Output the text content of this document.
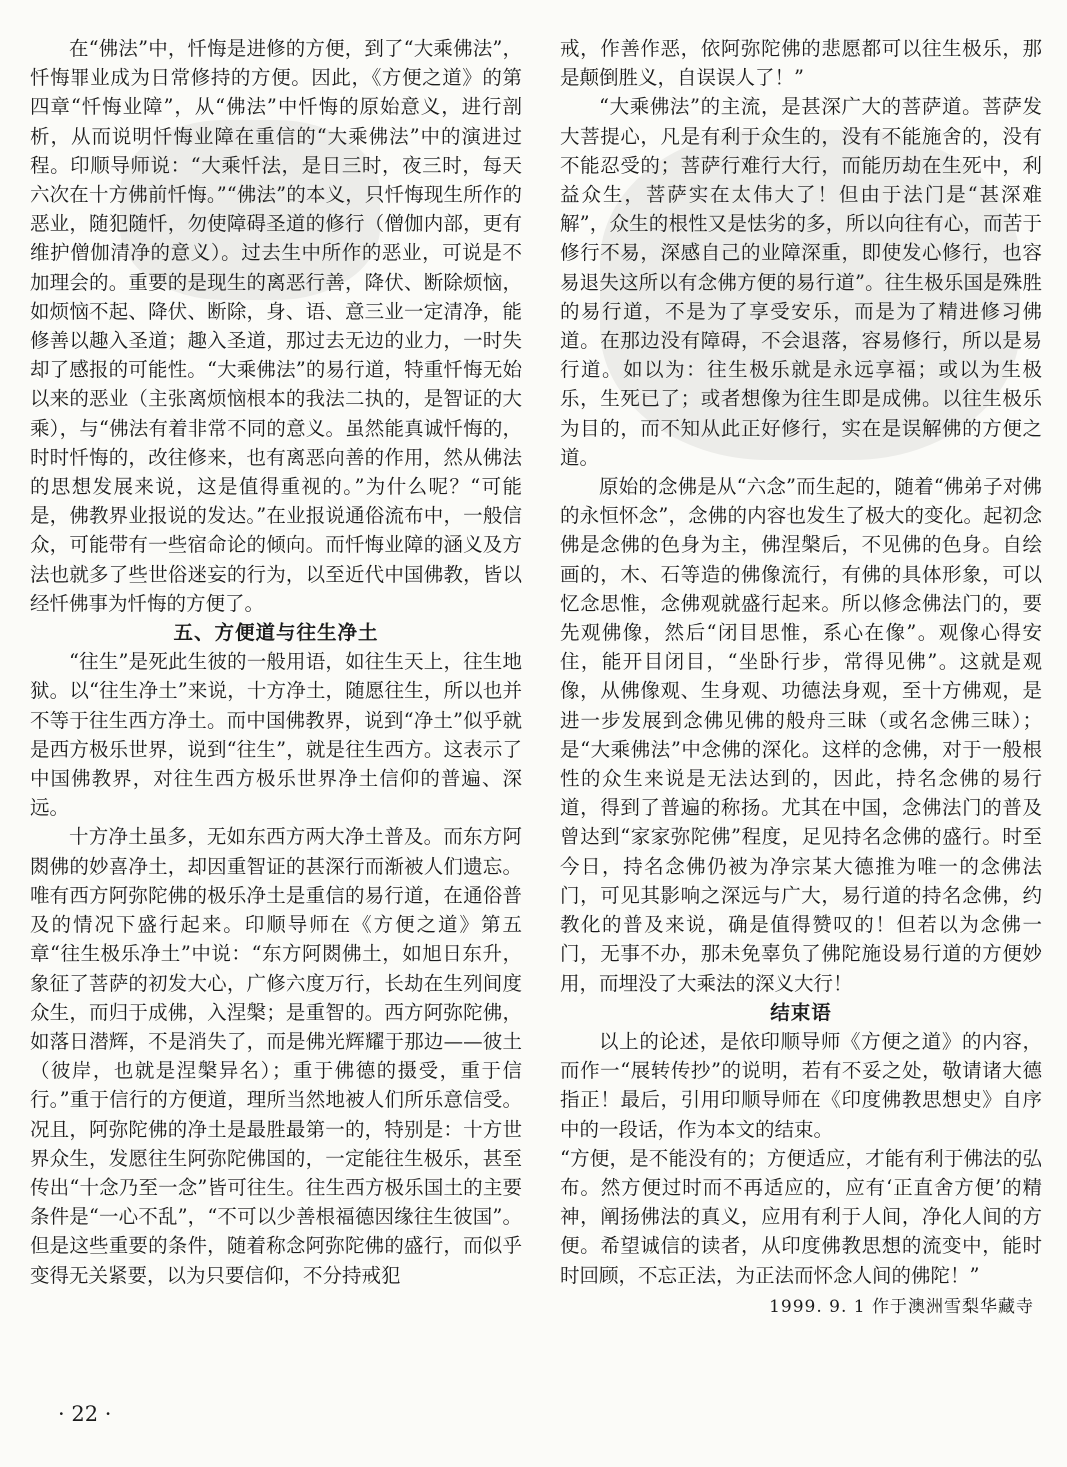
在“佛法”中，忏悔是进修的方便，到了“大乘佛法”，忏悔罪业成为日常修持的方便。因此，《方便之道》的第四章“忏悔业障”，从“佛法”中忏悔的原始意义，进行剖析，从而说明忏悔业障在重信的“大乘佛法”中的演进过程。印顺导师说：“大乘忏法，是日三时，夜三时，每天六次在十方佛前忏悔。”“佛法”的本义，只忏悔现生所作的恶业，随犯随忏，勿使障碍圣道的修行（僧伽内部，更有维护僧伽清净的意义）。过去生中所作的恶业，可说是不加理会的。重要的是现生的离恶行善，降伏、断除烦恼，如烦恼不起、降伏、断除，身、语、意三业一定清净，能修善以趣入圣道；趣入圣道，那过去无边的业力，一时失却了感报的可能性。“大乘佛法”的易行道，特重忏悔无始以来的恶业（主张离烦恼根本的我法二执的，是智证的大乘），与“佛法有着非常不同的意义。虽然能真诚忏悔的，时时忏悔的，改往修来，也有离恶向善的作用，然从佛法的思想发展来说，这是值得重视的。”为什么呢？“可能是，佛教界业报说的发达。”在业报说通俗流布中，一般信众，可能带有一些宿命论的倾向。而忏悔业障的涵义及方法也就多了些世俗迷妄的行为，以至近代中国佛教，皆以经忏佛事为忏悔的方便了。

五、方便道与往生净土

“往生”是死此生彼的一般用语，如往生天上，往生地狱。以“往生净土”来说，十方净土，随愿往生，所以也并不等于往生西方净土。而中国佛教界，说到“净土”似乎就是西方极乐世界，说到“往生”，就是往生西方。这表示了中国佛教界，对往生西方极乐世界净土信仰的普遍、深远。

十方净土虽多，无如东西方两大净土普及。而东方阿閦佛的妙喜净土，却因重智证的甚深行而渐被人们遗忘。唯有西方阿弥陀佛的极乐净土是重信的易行道，在通俗普及的情况下盛行起来。印顺导师在《方便之道》第五章“往生极乐净土”中说：“东方阿閦佛土，如旭日东升，象征了菩萨的初发大心，广修六度万行，长劫在生列间度众生，而归于成佛，入涅槃；是重智的。西方阿弥陀佛，如落日潜辉，不是消失了，而是佛光辉耀于那边——彼土（彼岸，也就是涅槃异名）；重于佛德的摄受，重于信行。”重于信行的方便道，理所当然地被人们所乐意信受。况且，阿弥陀佛的净土是最胜最第一的，特别是：十方世界众生，发愿往生阿弥陀佛国的，一定能往生极乐，甚至传出“十念乃至一念”皆可往生。往生西方极乐国土的主要条件是“一心不乱”，“不可以少善根福德因缘往生彼国”。但是这些重要的条件，随着称念阿弥陀佛的盛行，而似乎变得无关紧要，以为只要信仰，不分持戒犯

戒，作善作恶，依阿弥陀佛的悲愿都可以往生极乐，那是颠倒胜义，自误误人了！”

“大乘佛法”的主流，是甚深广大的菩萨道。菩萨发大菩提心，凡是有利于众生的，没有不能施舍的，没有不能忍受的；菩萨行难行大行，而能历劫在生死中，利益众生，菩萨实在太伟大了！但由于法门是“甚深难解”，众生的根性又是怯劣的多，所以向往有心，而苦于修行不易，深感自己的业障深重，即使发心修行，也容易退失这所以有念佛方便的易行道”。往生极乐国是殊胜的易行道，不是为了享受安乐，而是为了精进修习佛道。在那边没有障碍，不会退落，容易修行，所以是易行道。如以为：往生极乐就是永远享福；或以为生极乐，生死已了；或者想像为往生即是成佛。以往生极乐为目的，而不知从此正好修行，实在是误解佛的方便之道。

原始的念佛是从“六念”而生起的，随着“佛弟子对佛的永恒怀念”，念佛的内容也发生了极大的变化。起初念佛是念佛的色身为主，佛涅槃后，不见佛的色身。自绘画的，木、石等造的佛像流行，有佛的具体形象，可以忆念思惟，念佛观就盛行起来。所以修念佛法门的，要先观佛像，然后“闭目思惟，系心在像”。观像心得安住，能开目闭目，“坐卧行步，常得见佛”。这就是观像，从佛像观、生身观、功德法身观，至十方佛观，是进一步发展到念佛见佛的般舟三昧（或名念佛三昧）；是“大乘佛法”中念佛的深化。这样的念佛，对于一般根性的众生来说是无法达到的，因此，持名念佛的易行道，得到了普遍的称扬。尤其在中国，念佛法门的普及曾达到“家家弥陀佛”程度，足见持名念佛的盛行。时至今日，持名念佛仍被为净宗某大德推为唯一的念佛法门，可见其影响之深远与广大，易行道的持名念佛，约教化的普及来说，确是值得赞叹的！但若以为念佛一门，无事不办，那未免辜负了佛陀施设易行道的方便妙用，而埋没了大乘法的深义大行！

结束语

以上的论述，是依印顺导师《方便之道》的内容，而作一“展转传抄”的说明，若有不妥之处，敬请诸大德指正！最后，引用印顺导师在《印度佛教思想史》自序中的一段话，作为本文的结束。

“方便，是不能没有的；方便适应，才能有利于佛法的弘布。然方便过时而不再适应的，应有‘正直舍方便’的精神，阐扬佛法的真义，应用有利于人间，净化人间的方便。希望诚信的读者，从印度佛教思想的流变中，能时时回顾，不忘正法，为正法而怀念人间的佛陀！”

1999. 9. 1 作于澳洲雪梨华藏寺
· 22 ·
